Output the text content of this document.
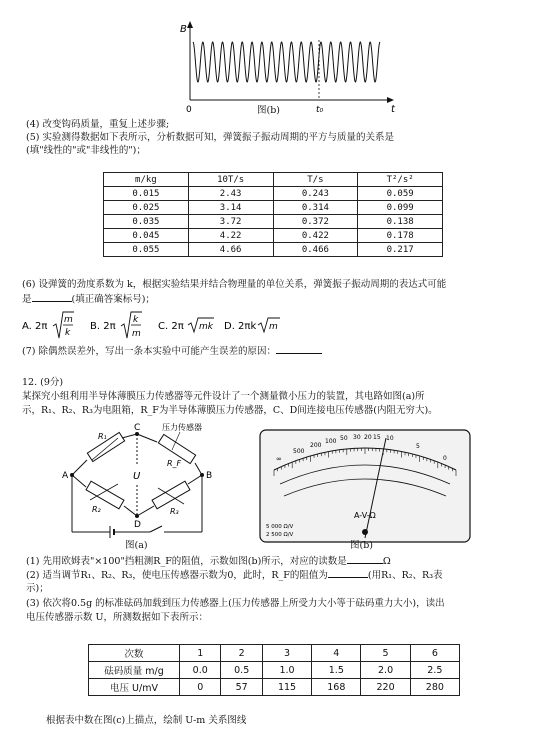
B
t
0	t₀
图(b)
(4) 改变钩码质量，重复上述步骤;
(5) 实验测得数据如下表所示，分析数据可知，弹簧振子振动周期的平方与质量的关系是
(填"线性的"或"非线性的")；
m/kg	10T/s	T/s	T²/s²
0.015	2.43	0.243	0.059
0.025	3.14	0.314	0.099
0.035	3.72	0.372	0.138
0.045	4.22	0.422	0.178
0.055	4.66	0.466	0.217
(6) 设弹簧的劲度系数为 k，根据实验结果并结合物理量的单位关系，弹簧振子振动周期的表达式可能
是	(填正确答案标号)；
A. 2π
m
k
B. 2π
k
m
C. 2π mk D. 2πk m
(7) 除偶然误差外，写出一条本实验中可能产生误差的原因：
12. (9分)
某探究小组利用半导体薄膜压力传感器等元件设计了一个测量微小压力的装置，其电路如图(a)所
示，R₁、R₂、R₃为电阻箱，R_F为半导体薄膜压力传感器，C、D间连接电压传感器(内阻无穷大)。
压力传感器
A	B
C
D
R₁
R_F
R₂	R₃
U
图(a)
∞
500
200
100 50 30 20 15 10
5
0
A-V-Ω
5 000 Ω/V
2 500 Ω/V
图(b)
(1) 先用欧姆表"×100"挡粗测R_F的阻值，示数如图(b)所示，对应的读数是	Ω
(2) 适当调节R₁、R₂、R₃，使电压传感器示数为0，此时，R_F的阻值为	(用R₁、R₂、R₃表
示)；
(3) 依次将0.5g 的标准砝码加载到压力传感器上(压力传感器上所受力大小等于砝码重力大小)，读出
电压传感器示数 U，所测数据如下表所示：
次数	1	2	3	4	5	6
砝码质量 m/g	0.0	0.5	1.0	1.5	2.0	2.5
电压 U/mV	0	57	115	168	220	280
根据表中数在图(c)上描点，绘制 U-m 关系图线
